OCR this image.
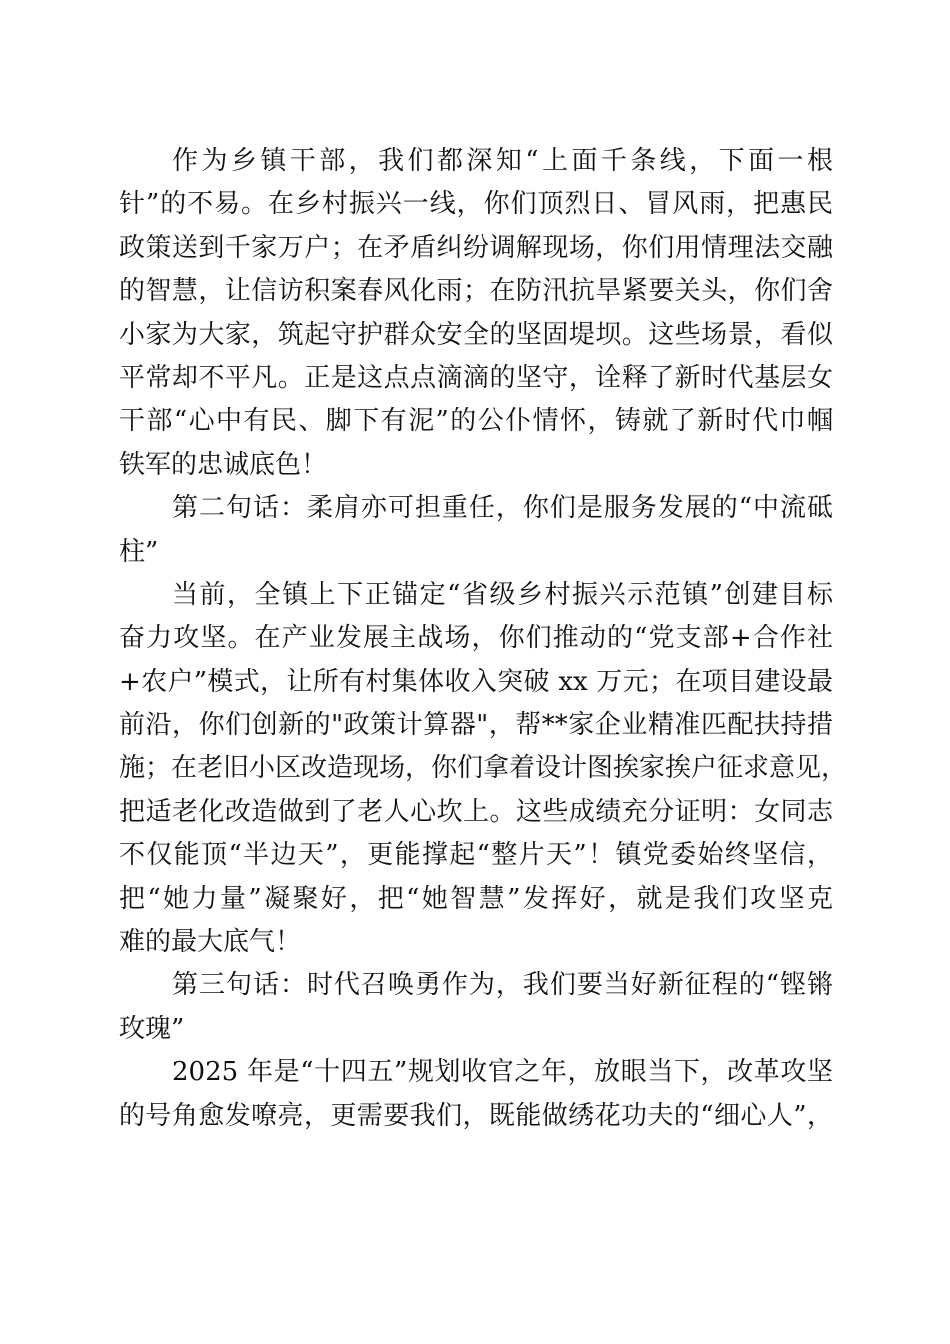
作为乡镇干部，我们都深知“上面千条线，下面一根
针”的不易。在乡村振兴一线，你们顶烈日、冒风雨，把惠民
政策送到千家万户；在矛盾纠纷调解现场，你们用情理法交融
的智慧，让信访积案春风化雨；在防汛抗旱紧要关头，你们舍
小家为大家，筑起守护群众安全的坚固堤坝。这些场景，看似
平常却不平凡。正是这点点滴滴的坚守，诠释了新时代基层女
干部“心中有民、脚下有泥”的公仆情怀，铸就了新时代巾帼
铁军的忠诚底色！
第二句话：柔肩亦可担重任，你们是服务发展的“中流砥
柱”
当前，全镇上下正锚定“省级乡村振兴示范镇”创建目标
奋力攻坚。在产业发展主战场，你们推动的“党支部+合作社
+农户”模式，让所有村集体收入突破 xx 万元；在项目建设最
前沿，你们创新的"政策计算器"，帮**家企业精准匹配扶持措
施；在老旧小区改造现场，你们拿着设计图挨家挨户征求意见，
把适老化改造做到了老人心坎上。这些成绩充分证明：女同志
不仅能顶“半边天”，更能撑起“整片天”！镇党委始终坚信，
把“她力量”凝聚好，把“她智慧”发挥好，就是我们攻坚克
难的最大底气！
第三句话：时代召唤勇作为，我们要当好新征程的“铿锵
玫瑰”
2025 年是“十四五”规划收官之年，放眼当下，改革攻坚
的号角愈发嘹亮，更需要我们，既能做绣花功夫的“细心人”，
